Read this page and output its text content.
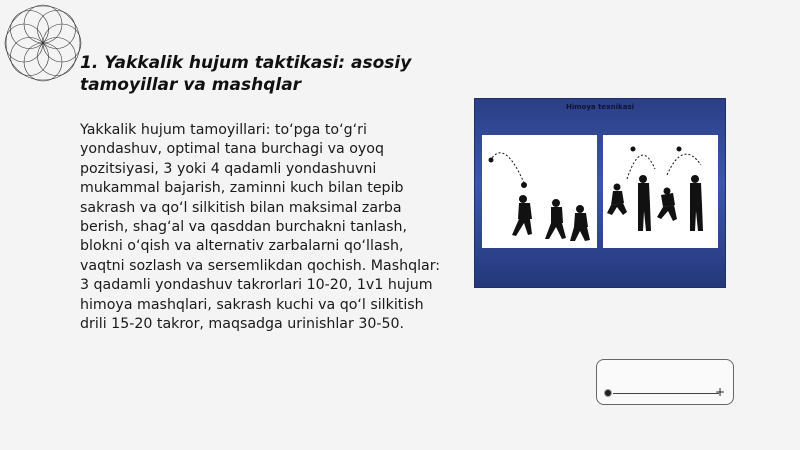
1. Yakkalik hujum taktikasi: asosiy tamoyillar va mashqlar

Yakkalik hujum tamoyillari: to‘pga to‘g‘ri yondashuv, optimal tana burchagi va oyoq pozitsiyasi, 3 yoki 4 qadamli yondashuvni mukammal bajarish, zaminni kuch bilan tepib sakrash va qo‘l silkitish bilan maksimal zarba berish, shag‘al va qasddan burchakni tanlash, blokni o‘qish va alternativ zarbalarni qo‘llash, vaqtni sozlash va sersemlikdan qochish. Mashqlar: 3 qadamli yondashuv takrorlari 10-20, 1v1 hujum himoya mashqlari, sakrash kuchi va qo‘l silkitish drili 15-20 takror, maqsadga urinishlar 30-50.

Himoya texnikasi
+
